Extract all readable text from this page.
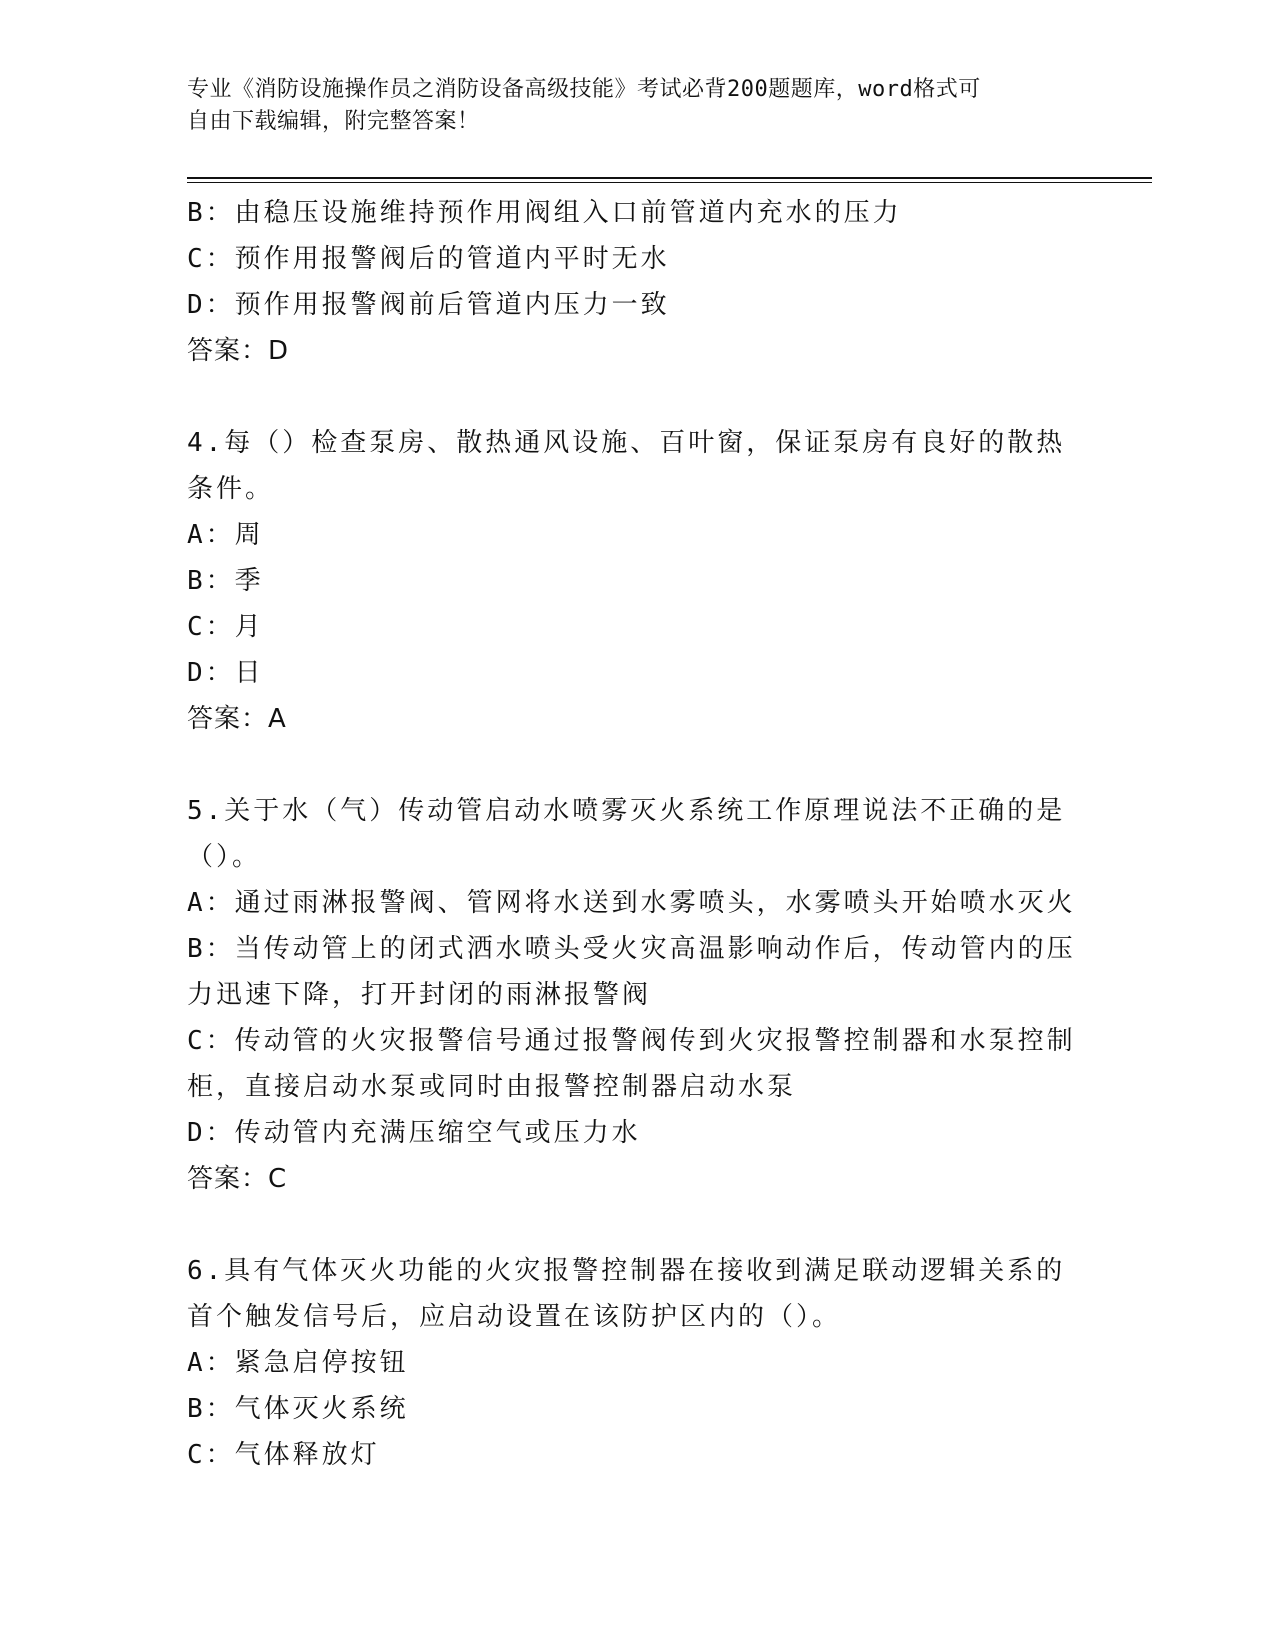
专业《消防设施操作员之消防设备高级技能》考试必背200题题库，word格式可
自由下载编辑，附完整答案！
B：由稳压设施维持预作用阀组入口前管道内充水的压力
C：预作用报警阀后的管道内平时无水
D：预作用报警阀前后管道内压力一致
答案：D
4.每（）检查泵房、散热通风设施、百叶窗，保证泵房有良好的散热
条件。
A：周
B：季
C：月
D：日
答案：A
5.关于水（气）传动管启动水喷雾灭火系统工作原理说法不正确的是
（）。
A：通过雨淋报警阀、管网将水送到水雾喷头，水雾喷头开始喷水灭火
B：当传动管上的闭式洒水喷头受火灾高温影响动作后，传动管内的压
力迅速下降，打开封闭的雨淋报警阀
C：传动管的火灾报警信号通过报警阀传到火灾报警控制器和水泵控制
柜，直接启动水泵或同时由报警控制器启动水泵
D：传动管内充满压缩空气或压力水
答案：C
6.具有气体灭火功能的火灾报警控制器在接收到满足联动逻辑关系的
首个触发信号后，应启动设置在该防护区内的（）。
A：紧急启停按钮
B：气体灭火系统
C：气体释放灯
